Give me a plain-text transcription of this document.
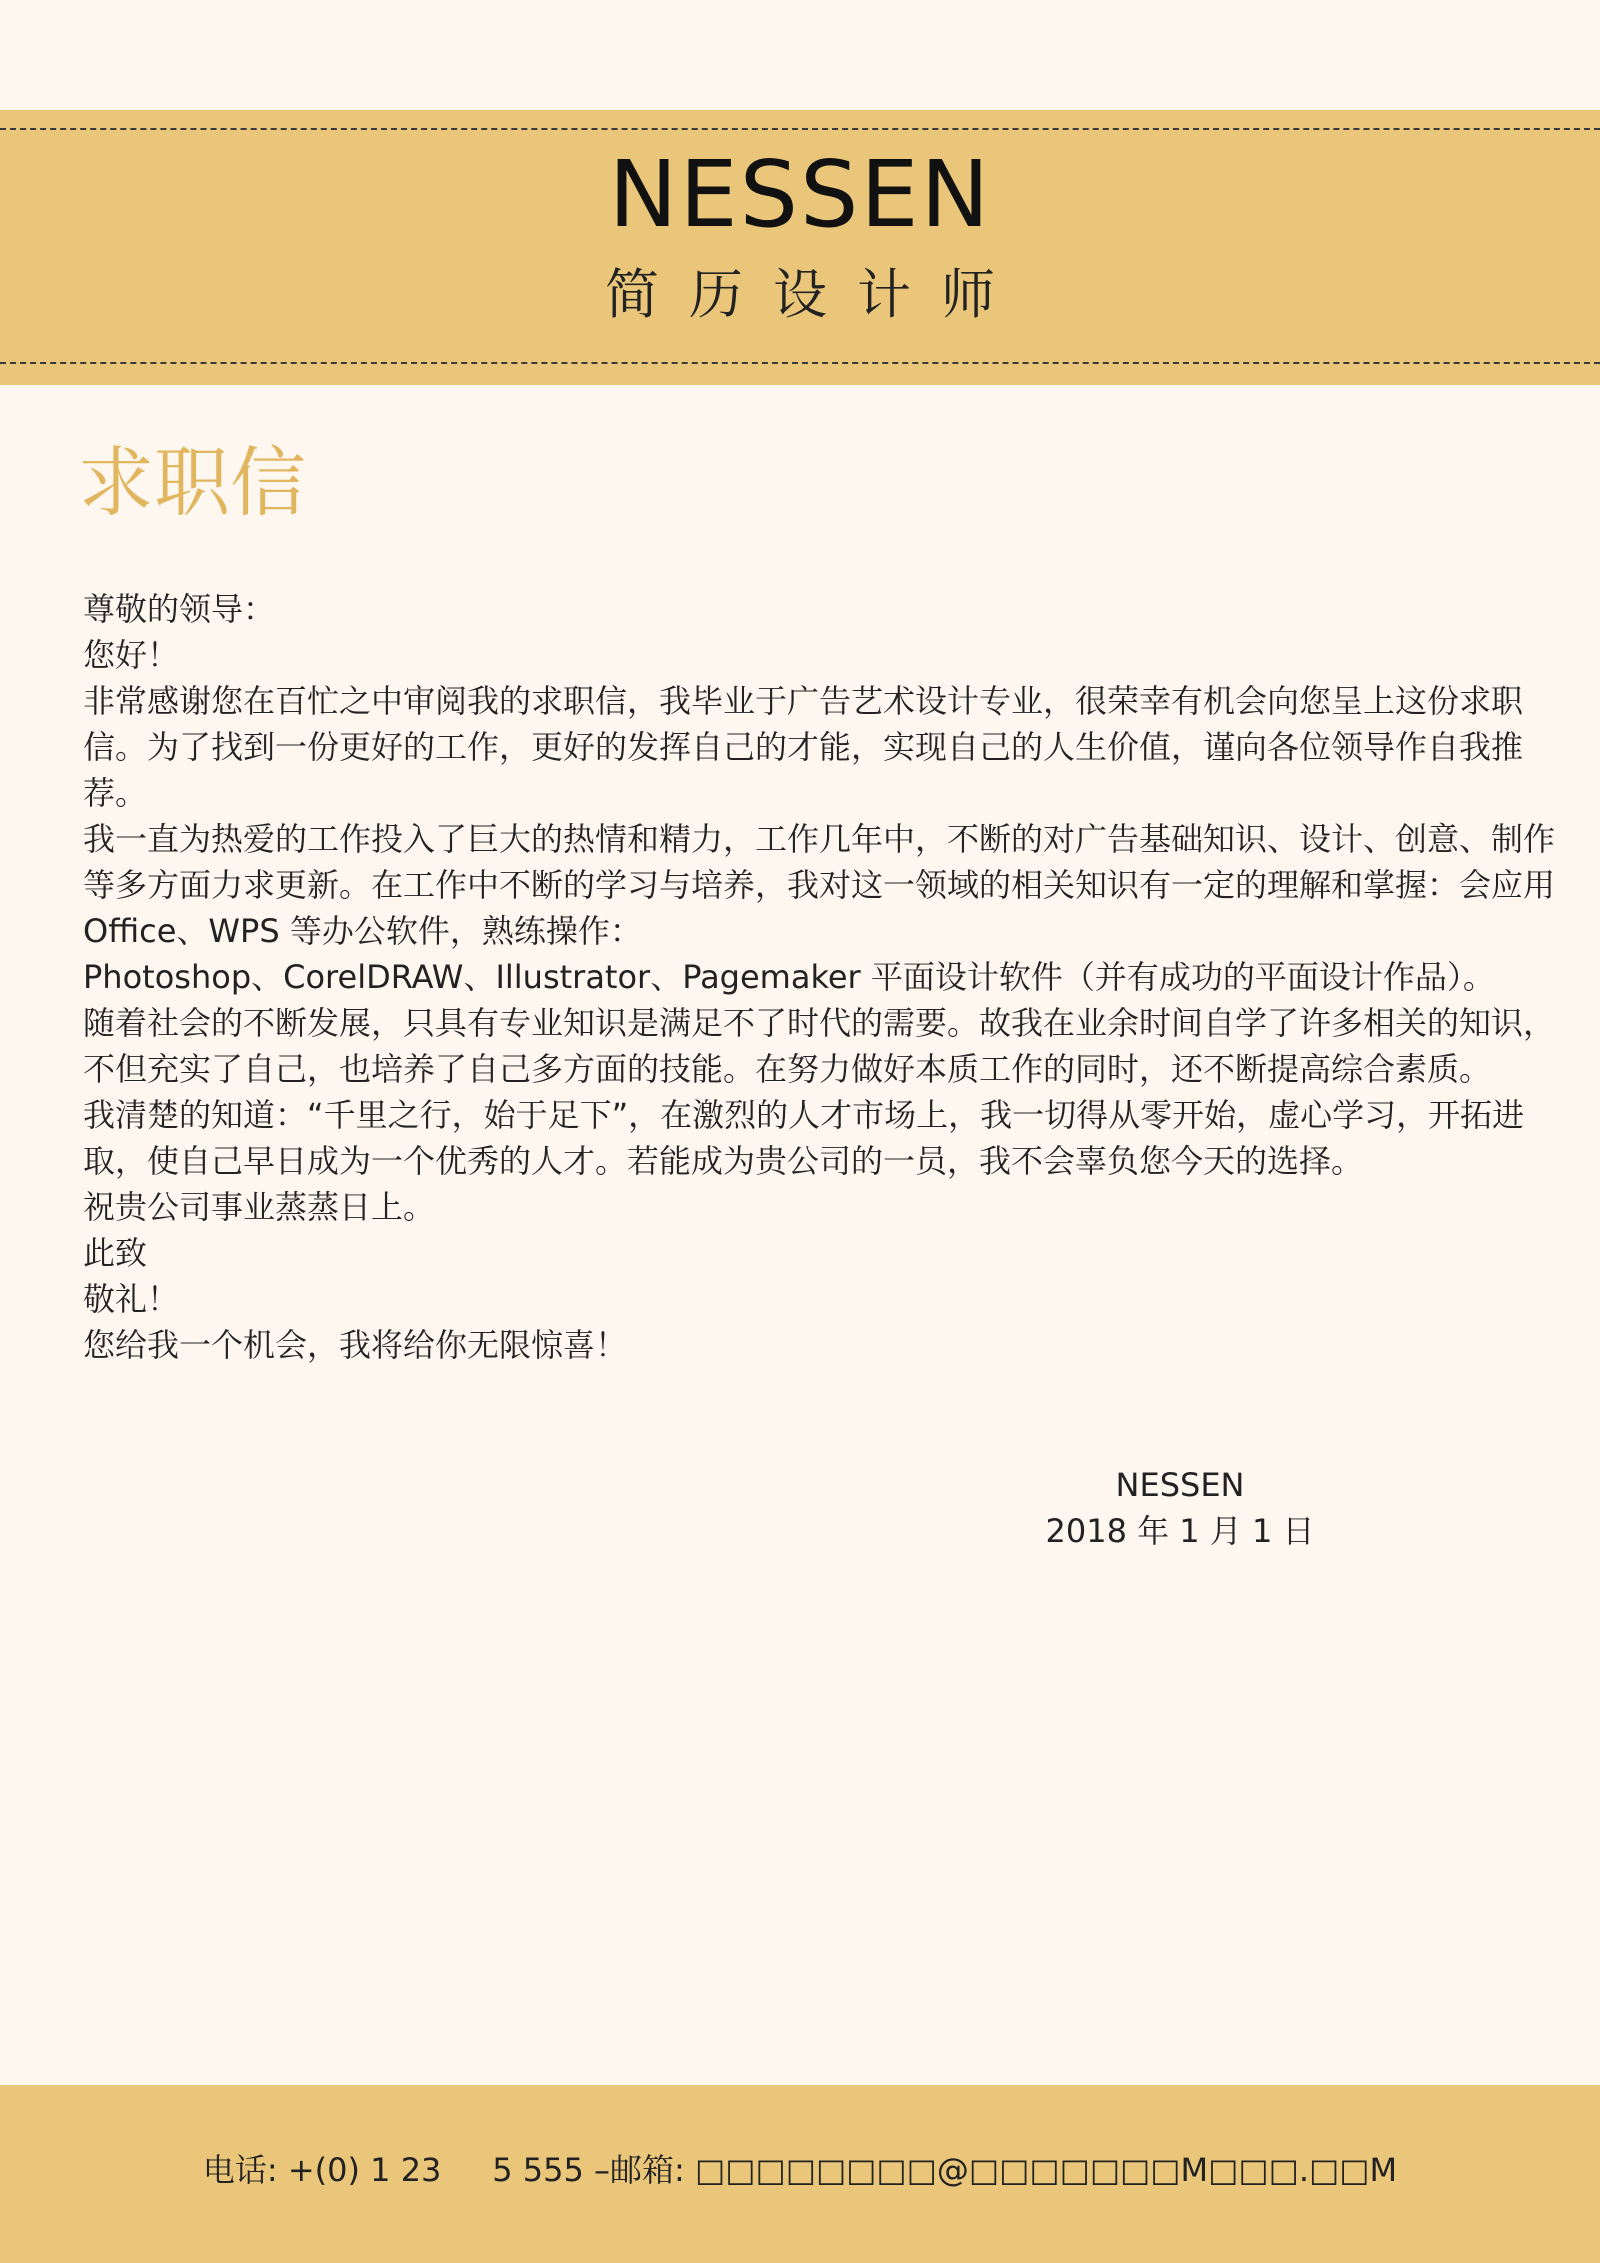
NESSEN
简历设计师
求职信

尊敬的领导：

您好！

非常感谢您在百忙之中审阅我的求职信，我毕业于广告艺术设计专业，很荣幸有机会向您呈上这份求职信。为了找到一份更好的工作，更好的发挥自己的才能，实现自己的人生价值，谨向各位领导作自我推荐。

我一直为热爱的工作投入了巨大的热情和精力，工作几年中，不断的对广告基础知识、设计、创意、制作等多方面力求更新。在工作中不断的学习与培养，我对这一领域的相关知识有一定的理解和掌握：会应用 Office、WPS 等办公软件，熟练操作：

Photoshop、CorelDRAW、Illustrator、Pagemaker 平面设计软件（并有成功的平面设计作品）。

随着社会的不断发展，只具有专业知识是满足不了时代的需要。故我在业余时间自学了许多相关的知识，不但充实了自己，也培养了自己多方面的技能。在努力做好本质工作的同时，还不断提高综合素质。

我清楚的知道：“千里之行，始于足下”，在激烈的人才市场上，我一切得从零开始，虚心学习，开拓进取，使自己早日成为一个优秀的人才。若能成为贵公司的一员，我不会辜负您今天的选择。

祝贵公司事业蒸蒸日上。

此致

敬礼！

您给我一个机会，我将给你无限惊喜！

NESSEN
2018 年 1 月 1 日
电话: +(0) 1 23     5 555 –邮箱: □□□□□□□□@□□□□□□□M□□□.□□M
